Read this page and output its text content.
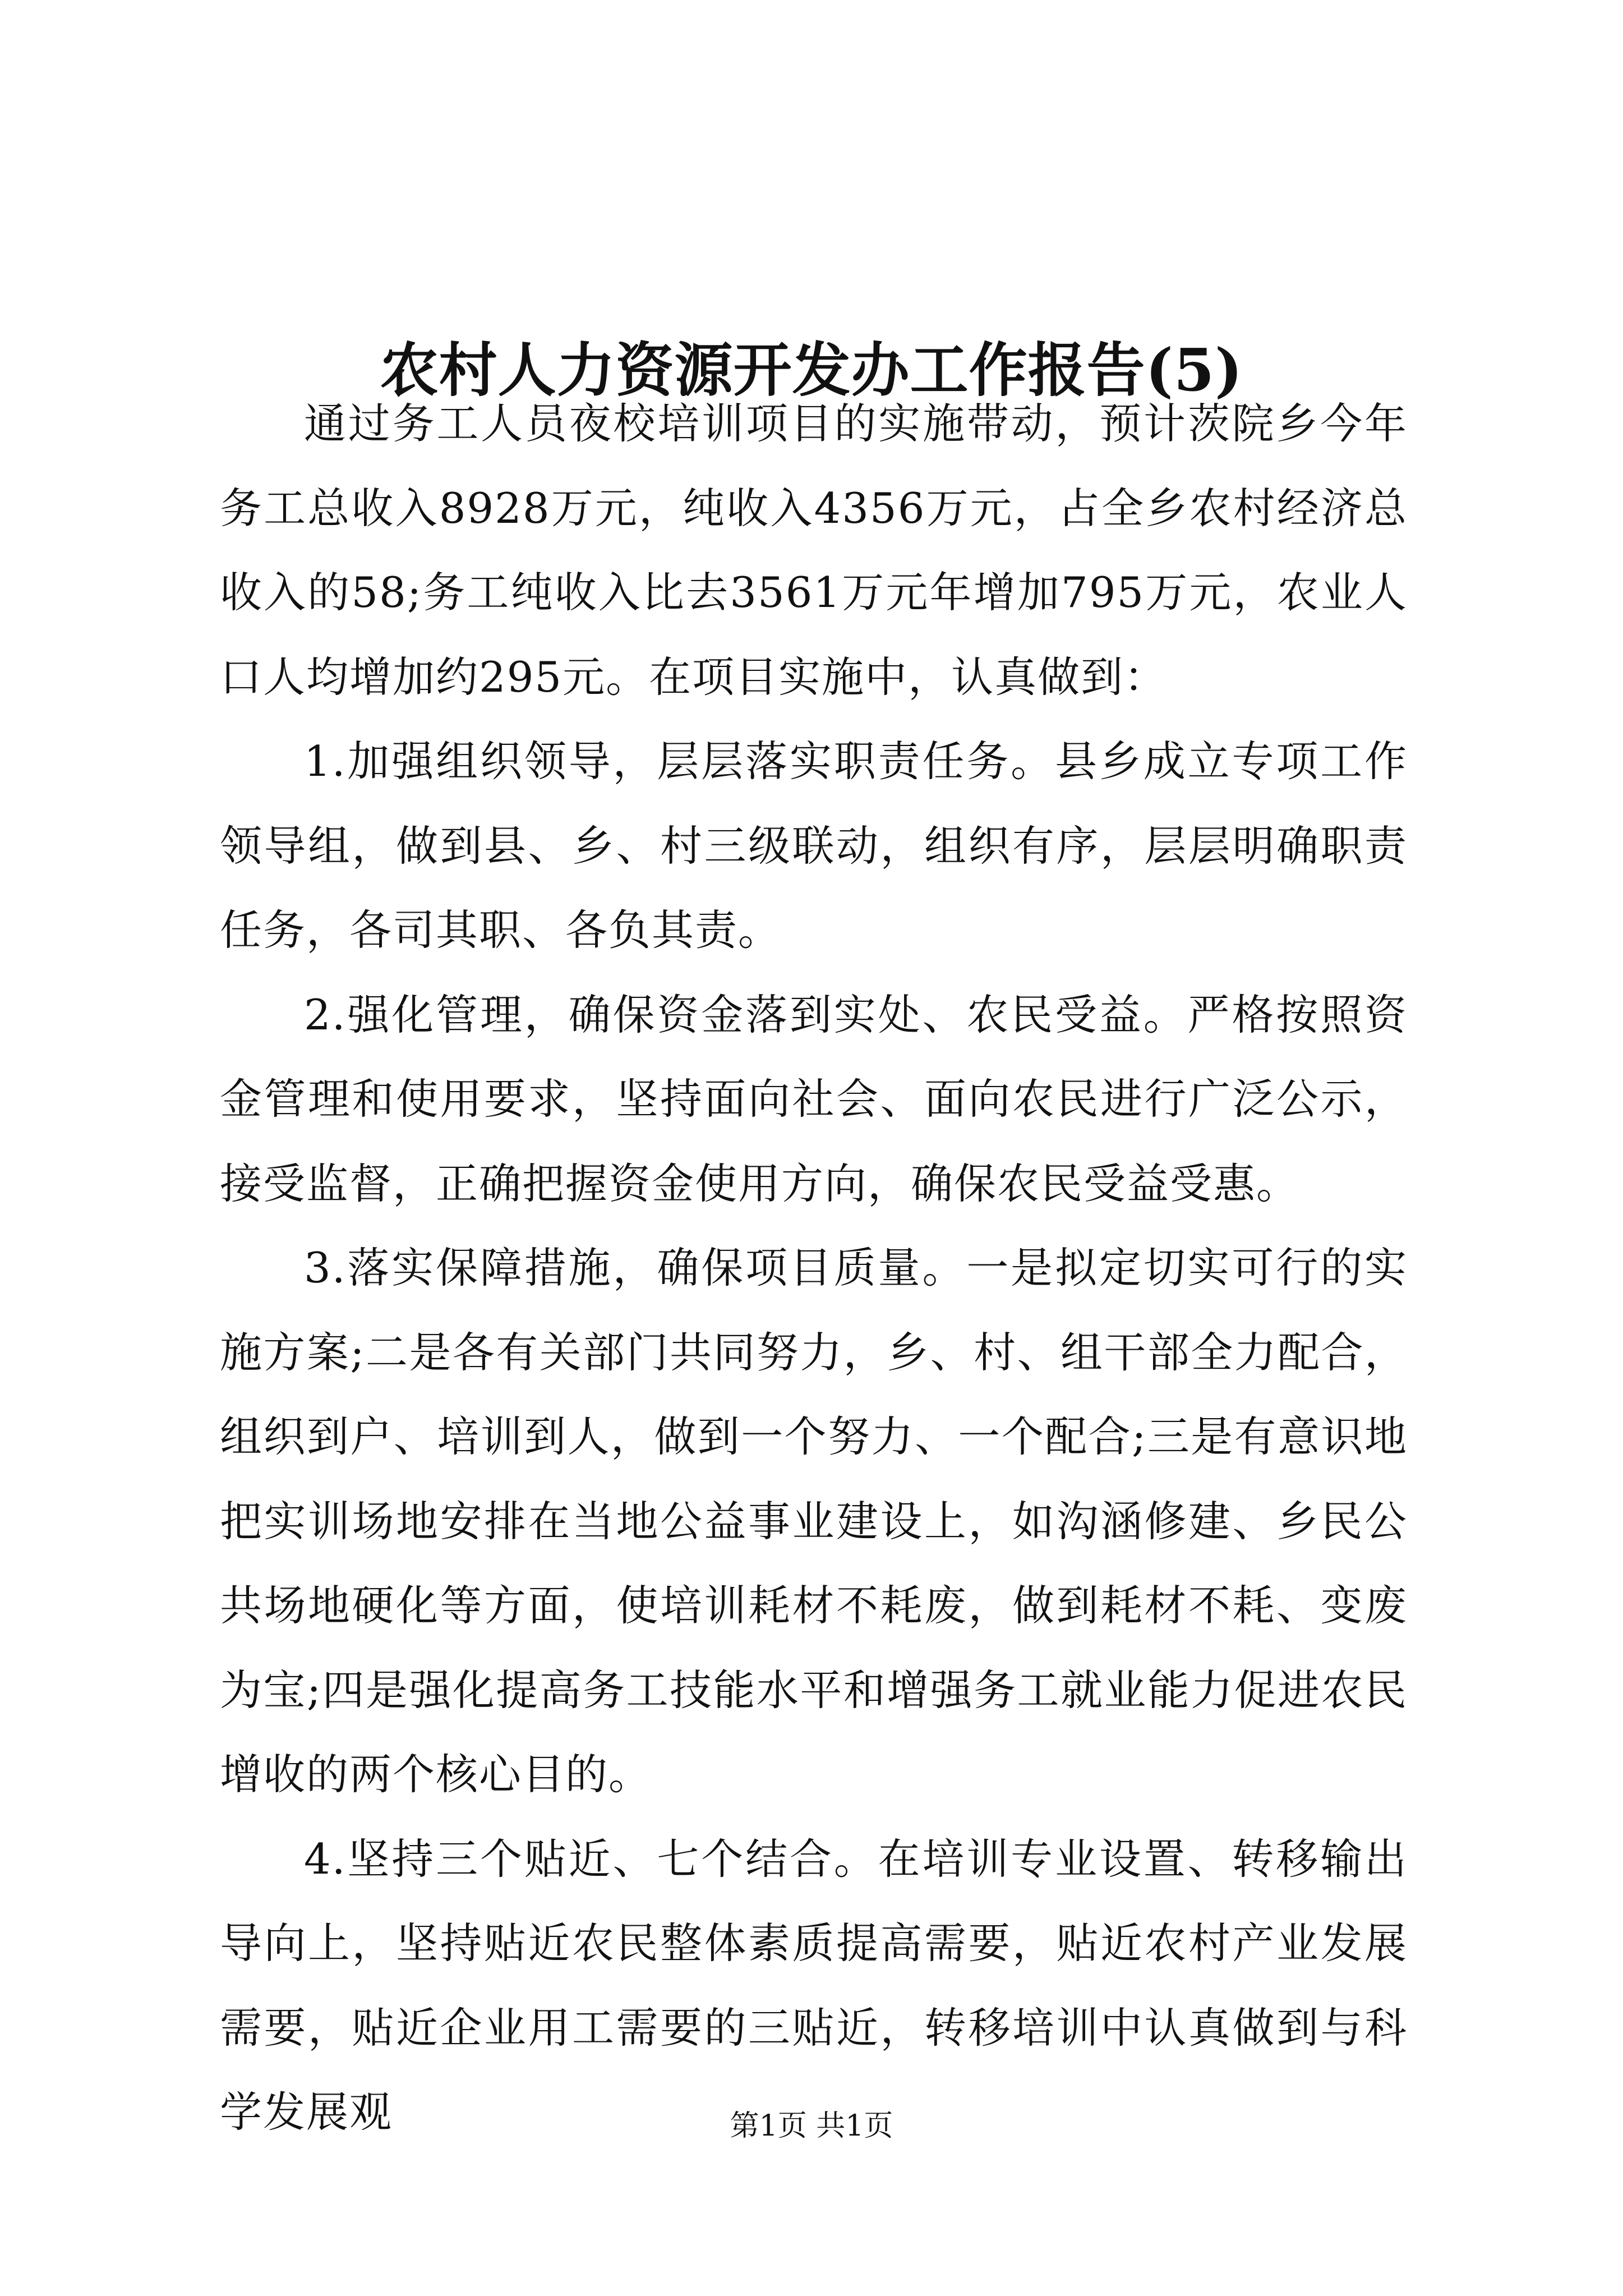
农村人力资源开发办工作报告(5)

通过务工人员夜校培训项目的实施带动，预计茨院乡今年务工总收入8928万元，纯收入4356万元，占全乡农村经济总收入的58;务工纯收入比去3561万元年增加795万元，农业人口人均增加约295元。在项目实施中，认真做到：

1.加强组织领导，层层落实职责任务。县乡成立专项工作领导组，做到县、乡、村三级联动，组织有序，层层明确职责任务，各司其职、各负其责。

2.强化管理，确保资金落到实处、农民受益。严格按照资金管理和使用要求，坚持面向社会、面向农民进行广泛公示，接受监督，正确把握资金使用方向，确保农民受益受惠。

3.落实保障措施，确保项目质量。一是拟定切实可行的实施方案;二是各有关部门共同努力，乡、村、组干部全力配合，组织到户、培训到人，做到一个努力、一个配合;三是有意识地把实训场地安排在当地公益事业建设上，如沟涵修建、乡民公共场地硬化等方面，使培训耗材不耗废，做到耗材不耗、变废为宝;四是强化提高务工技能水平和增强务工就业能力促进农民增收的两个核心目的。

4.坚持三个贴近、七个结合。在培训专业设置、转移输出导向上，坚持贴近农民整体素质提高需要，贴近农村产业发展需要，贴近企业用工需要的三贴近，转移培训中认真做到与科学发展观	第1页 共1页
